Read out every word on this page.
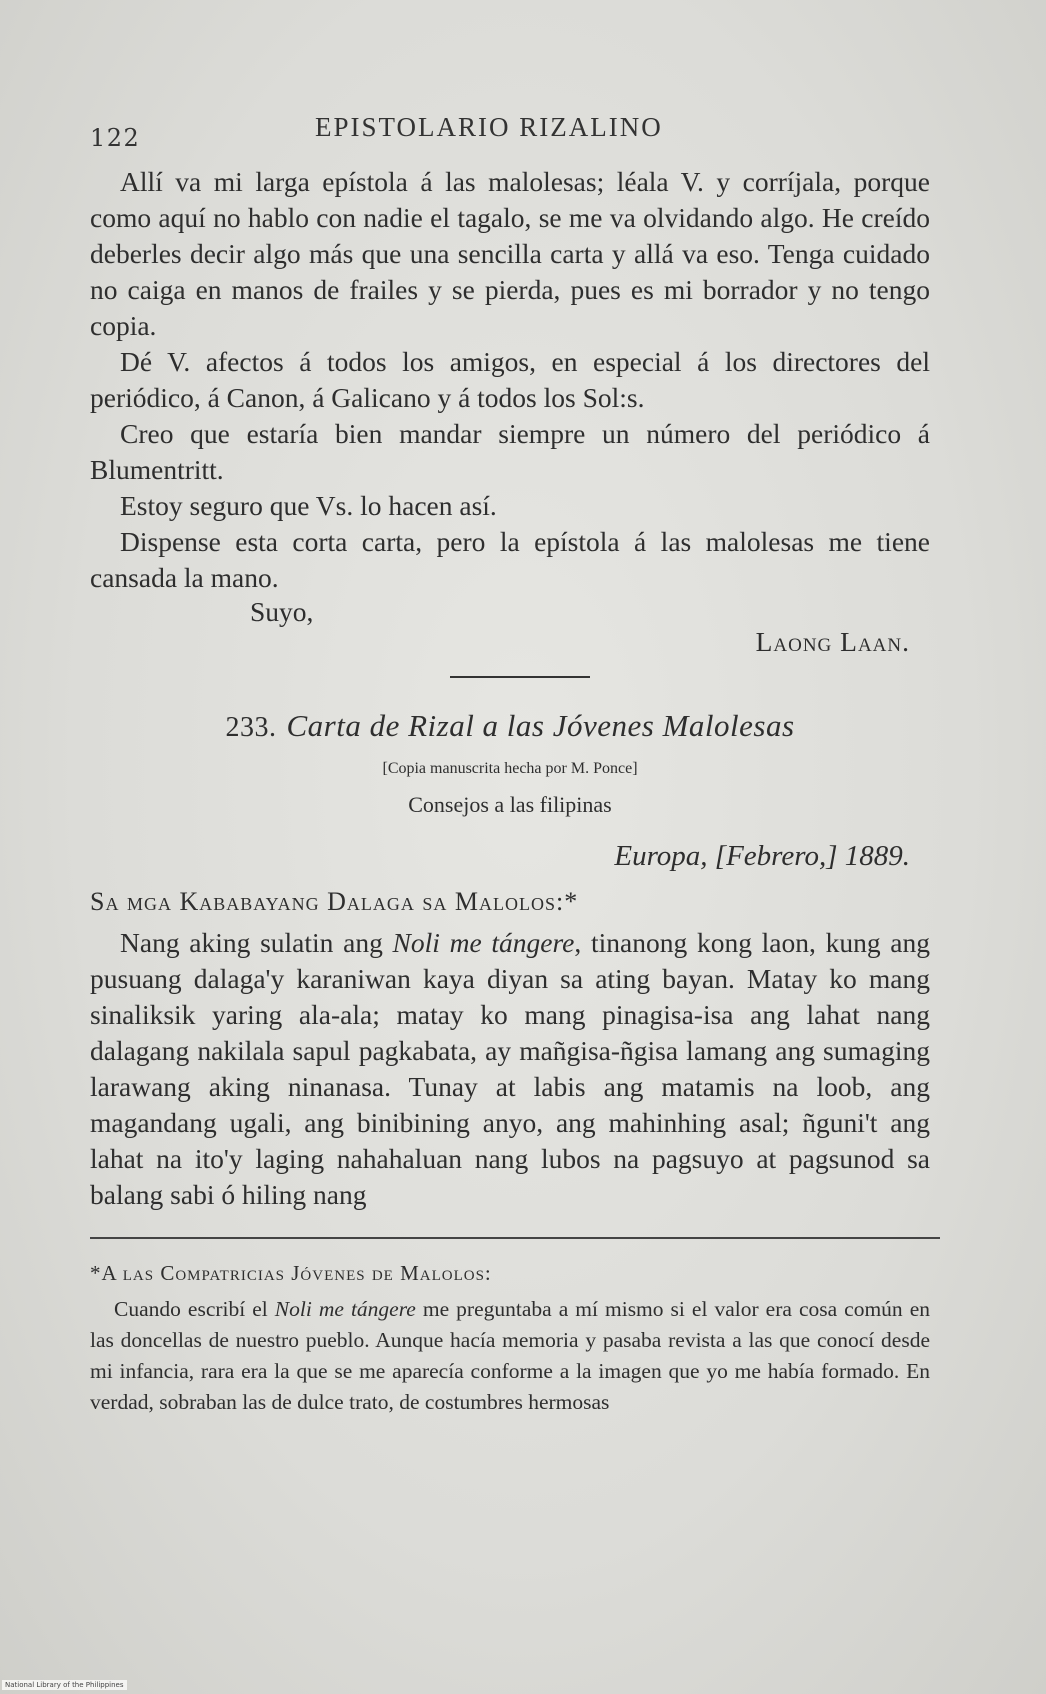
122	EPISTOLARIO RIZALINO

Allí va mi larga epístola á las malolesas; léala V. y corríjala, porque como aquí no hablo con nadie el tagalo, se me va olvidando algo. He creído deberles decir algo más que una sencilla carta y allá va eso. Tenga cuidado no caiga en manos de frailes y se pierda, pues es mi borrador y no tengo copia.

Dé V. afectos á todos los amigos, en especial á los directores del periódico, á Canon, á Galicano y á todos los Sol:s.

Creo que estaría bien mandar siempre un número del periódico á Blumentritt.

Estoy seguro que Vs. lo hacen así.

Dispense esta corta carta, pero la epístola á las malolesas me tiene cansada la mano.

Suyo,
Laong Laan.
233. Carta de Rizal a las Jóvenes Malolesas
[Copia manuscrita hecha por M. Ponce]
Consejos a las filipinas
Europa, [Febrero,] 1889.
Sa mga Kababayang Dalaga sa Malolos:*

Nang aking sulatin ang Noli me tángere, tinanong kong laon, kung ang pusuang dalaga'y karaniwan kaya diyan sa ating bayan. Matay ko mang sinaliksik yaring ala-ala; matay ko mang pinagisa-isa ang lahat nang dalagang nakilala sapul pagkabata, ay mañgisa-ñgisa lamang ang sumaging larawang aking ninanasa. Tunay at labis ang matamis na loob, ang magandang ugali, ang binibining anyo, ang mahinhing asal; ñguni't ang lahat na ito'y laging nahahaluan nang lubos na pagsuyo at pagsunod sa balang sabi ó hiling nang

*A las Compatricias Jóvenes de Malolos:
Cuando escribí el Noli me tángere me preguntaba a mí mismo si el valor era cosa común en las doncellas de nuestro pueblo. Aunque hacía memoria y pasaba revista a las que conocí desde mi infancia, rara era la que se me aparecía conforme a la imagen que yo me había formado. En verdad, sobraban las de dulce trato, de costumbres hermosas
National Library of the Philippines
